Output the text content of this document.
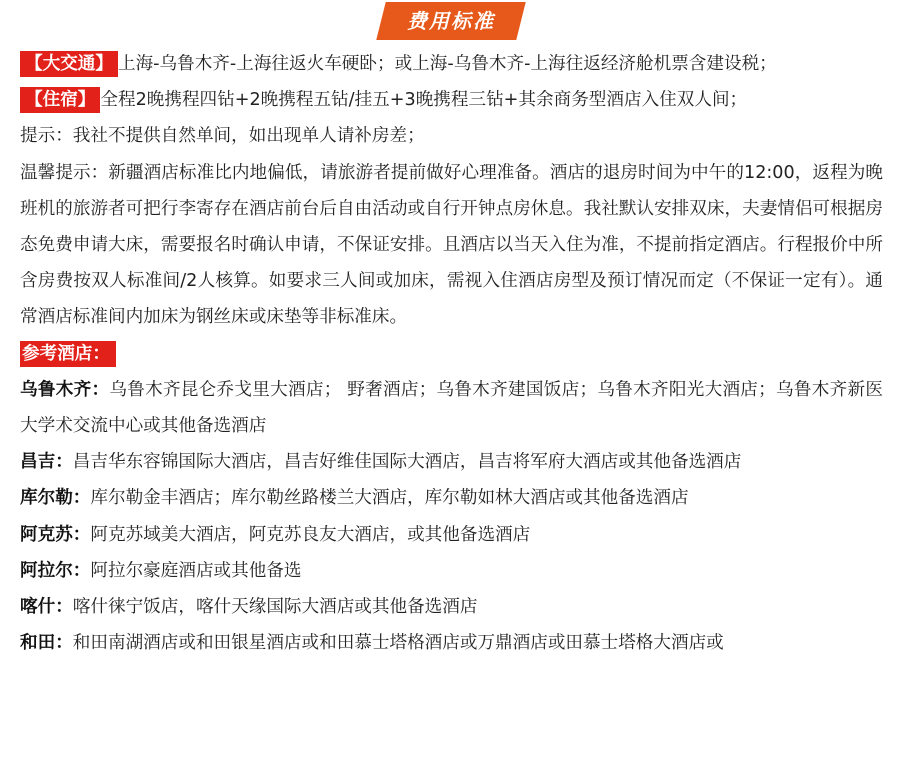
费用标准

【大交通】 上海-乌鲁木齐-上海往返火车硬卧；或上海-乌鲁木齐-上海往返经济舱机票含建设税；

【住宿】 全程2晚携程四钻+2晚携程五钻/挂五+3晚携程三钻+其余商务型酒店入住双人间；

提示：我社不提供自然单间，如出现单人请补房差；

温馨提示：新疆酒店标准比内地偏低，请旅游者提前做好心理准备。酒店的退房时间为中午的12:00，返程为晚班机的旅游者可把行李寄存在酒店前台后自由活动或自行开钟点房休息。我社默认安排双床，夫妻情侣可根据房态免费申请大床，需要报名时确认申请，不保证安排。且酒店以当天入住为准，不提前指定酒店。行程报价中所含房费按双人标准间/2人核算。如要求三人间或加床，需视入住酒店房型及预订情况而定（不保证一定有）。通常酒店标准间内加床为钢丝床或床垫等非标准床。

参考酒店：

乌鲁木齐：乌鲁木齐昆仑乔戈里大酒店； 野奢酒店；乌鲁木齐建国饭店；乌鲁木齐阳光大酒店；乌鲁木齐新医大学术交流中心或其他备选酒店

昌吉：昌吉华东容锦国际大酒店，昌吉好维佳国际大酒店，昌吉将军府大酒店或其他备选酒店

库尔勒：库尔勒金丰酒店；库尔勒丝路楼兰大酒店，库尔勒如林大酒店或其他备选酒店

阿克苏：阿克苏域美大酒店，阿克苏良友大酒店，或其他备选酒店

阿拉尔：阿拉尔豪庭酒店或其他备选

喀什：喀什徕宁饭店，喀什天缘国际大酒店或其他备选酒店

和田：和田南湖酒店或和田银星酒店或和田慕士塔格酒店或万鼎酒店或田慕士塔格大酒店或
